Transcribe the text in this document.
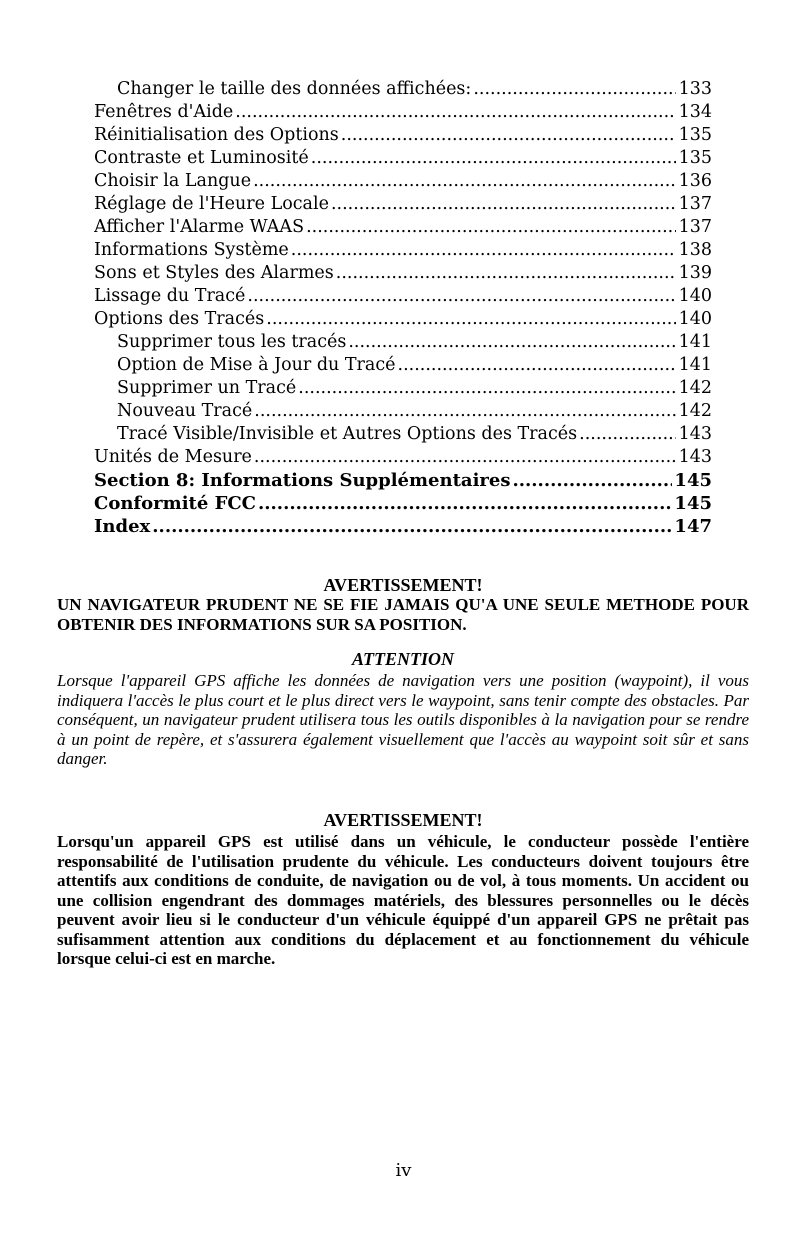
Changer le taille des données affichées: .....	133
Fenêtres d'Aide .....	134
Réinitialisation des Options .....	135
Contraste et Luminosité .....	135
Choisir la Langue .....	136
Réglage de l'Heure Locale .....	137
Afficher l'Alarme WAAS .....	137
Informations Système .....	138
Sons et Styles des Alarmes .....	139
Lissage du Tracé .....	140
Options des Tracés .....	140
Supprimer tous les tracés .....	141
Option de Mise à Jour du Tracé .....	141
Supprimer un Tracé .....	142
Nouveau Tracé .....	142
Tracé Visible/Invisible et Autres Options des Tracés .....	143
Unités de Mesure .....	143
Section 8: Informations Supplémentaires .....	145
Conformité FCC .....	145
Index .....	147
AVERTISSEMENT!
UN NAVIGATEUR PRUDENT NE SE FIE JAMAIS QU'A UNE SEULE METHODE POUR OBTENIR DES INFORMATIONS SUR SA POSITION.
ATTENTION
Lorsque l'appareil GPS affiche les données de navigation vers une position (waypoint), il vous indiquera l'accès le plus court et le plus direct vers le waypoint, sans tenir compte des obstacles. Par conséquent, un navigateur prudent utilisera tous les outils disponibles à la navigation pour se rendre à un point de repère, et s'assurera également visuellement que l'accès au waypoint soit sûr et sans danger.
AVERTISSEMENT!
Lorsqu'un appareil GPS est utilisé dans un véhicule, le conducteur possède l'entière responsabilité de l'utilisation prudente du véhicule. Les conducteurs doivent toujours être attentifs aux conditions de conduite, de navigation ou de vol, à tous moments. Un accident ou une collision engendrant des dommages matériels, des blessures personnelles ou le décès peuvent avoir lieu si le conducteur d'un véhicule équippé d'un appareil GPS ne prêtait pas sufisamment attention aux conditions du déplacement et au fonctionnement du véhicule lorsque celui-ci est en marche.
iv
